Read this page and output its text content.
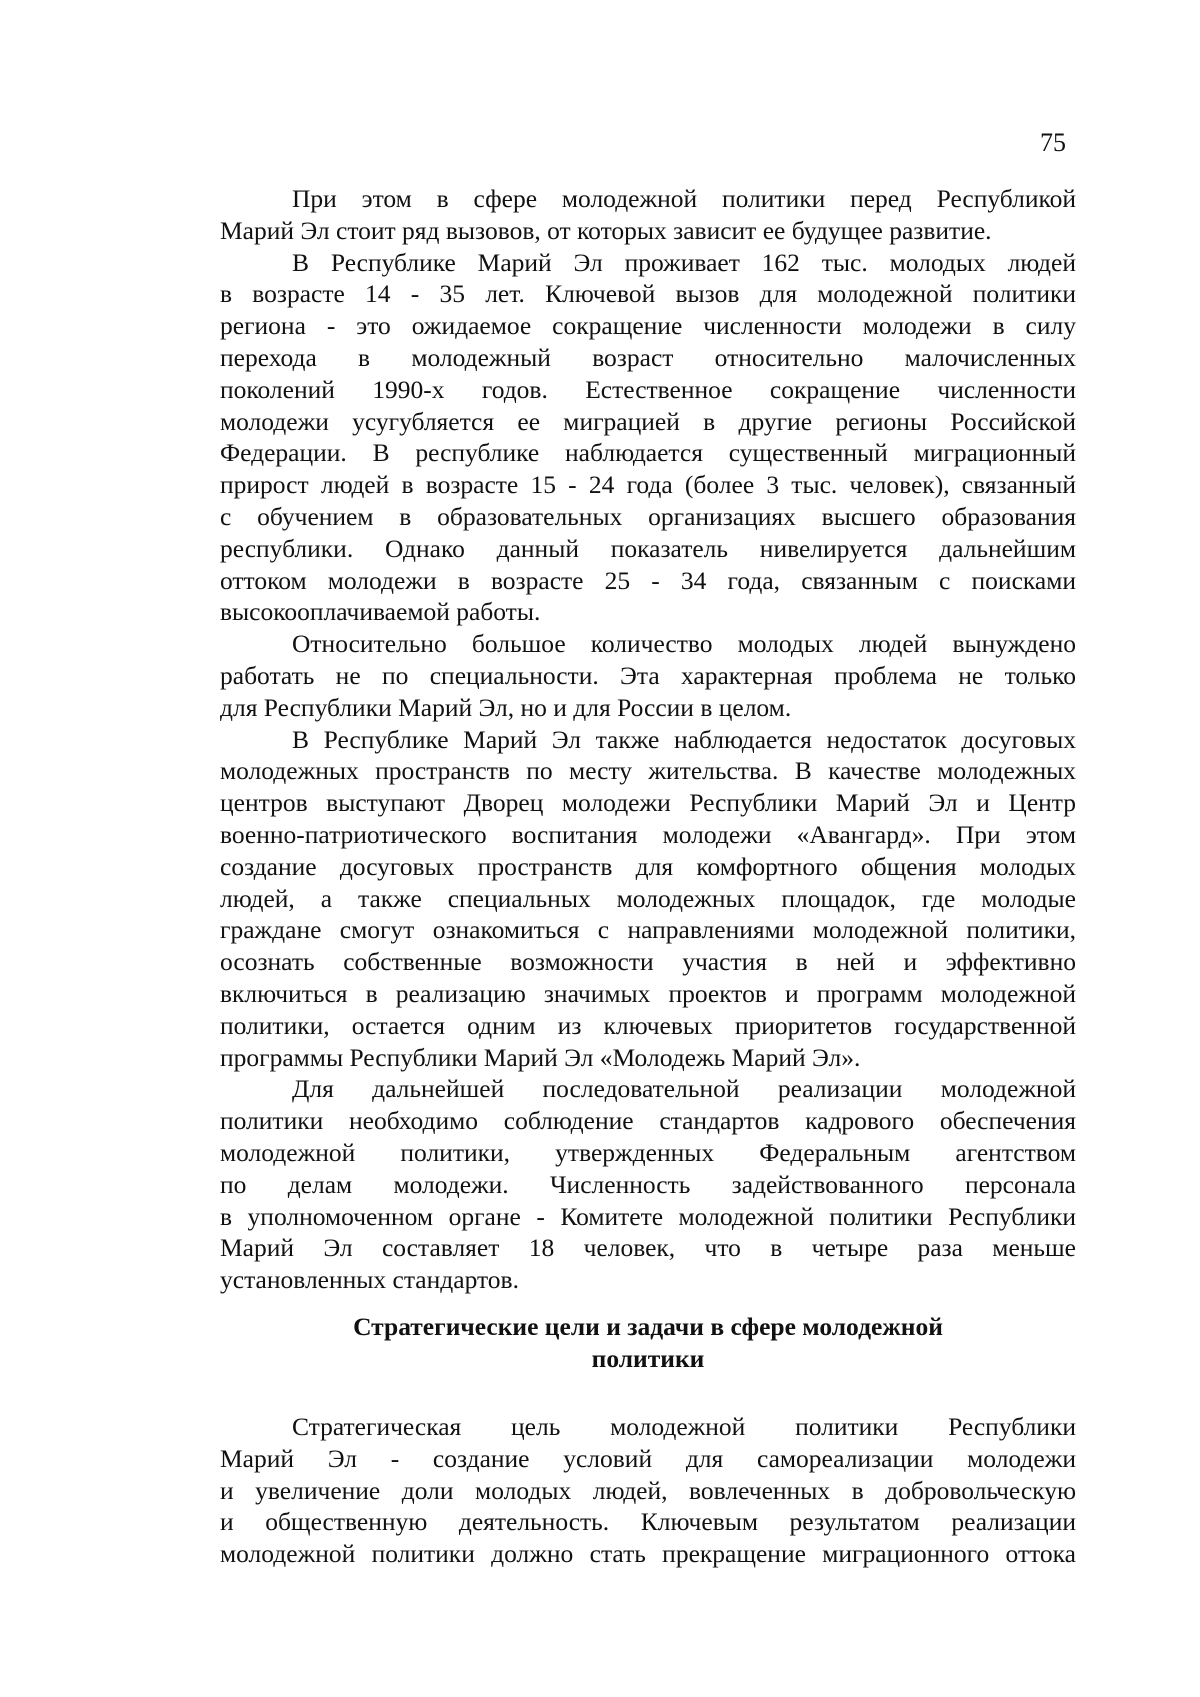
75

При этом в сфере молодежной политики перед Республикой
Марий Эл стоит ряд вызовов, от которых зависит ее будущее развитие.

В Республике Марий Эл проживает 162 тыс. молодых людей
в возрасте 14 - 35 лет. Ключевой вызов для молодежной политики
региона - это ожидаемое сокращение численности молодежи в силу
перехода в молодежный возраст относительно малочисленных
поколений 1990-х годов. Естественное сокращение численности
молодежи усугубляется ее миграцией в другие регионы Российской
Федерации. В республике наблюдается существенный миграционный
прирост людей в возрасте 15 - 24 года (более 3 тыс. человек), связанный
с обучением в образовательных организациях высшего образования
республики. Однако данный показатель нивелируется дальнейшим
оттоком молодежи в возрасте 25 - 34 года, связанным с поисками
высокооплачиваемой работы.

Относительно большое количество молодых людей вынуждено
работать не по специальности. Эта характерная проблема не только
для Республики Марий Эл, но и для России в целом.

В Республике Марий Эл также наблюдается недостаток досуговых
молодежных пространств по месту жительства. В качестве молодежных
центров выступают Дворец молодежи Республики Марий Эл и Центр
военно-патриотического воспитания молодежи «Авангард». При этом
создание досуговых пространств для комфортного общения молодых
людей, а также специальных молодежных площадок, где молодые
граждане смогут ознакомиться с направлениями молодежной политики,
осознать собственные возможности участия в ней и эффективно
включиться в реализацию значимых проектов и программ молодежной
политики, остается одним из ключевых приоритетов государственной
программы Республики Марий Эл «Молодежь Марий Эл».

Для дальнейшей последовательной реализации молодежной
политики необходимо соблюдение стандартов кадрового обеспечения
молодежной политики, утвержденных Федеральным агентством
по делам молодежи. Численность задействованного персонала
в уполномоченном органе - Комитете молодежной политики Республики
Марий Эл составляет 18 человек, что в четыре раза меньше
установленных стандартов.

Стратегические цели и задачи в сфере молодежной
политики

Стратегическая цель молодежной политики Республики
Марий Эл - создание условий для самореализации молодежи
и увеличение доли молодых людей, вовлеченных в добровольческую
и общественную деятельность. Ключевым результатом реализации
молодежной политики должно стать прекращение миграционного оттока
